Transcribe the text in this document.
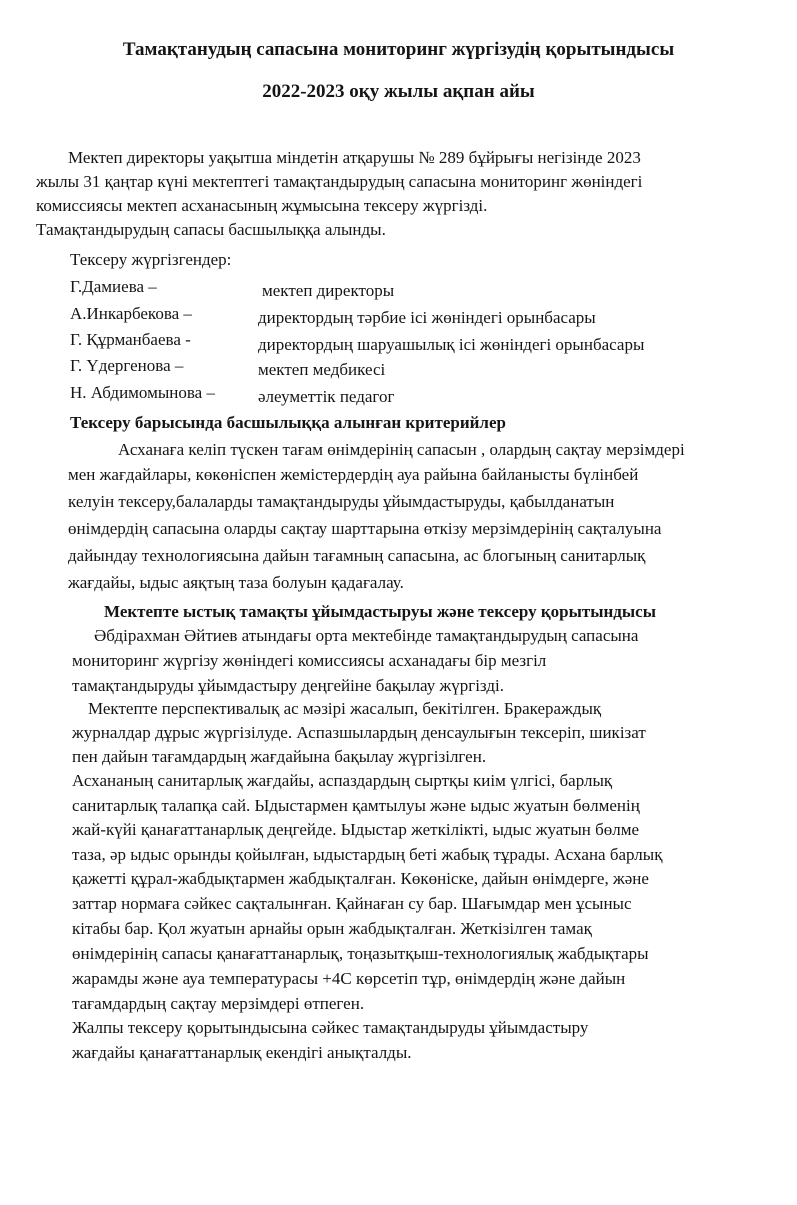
Тамақтанудың сапасына мониторинг жүргізудің қорытындысы
2022-2023 оқу жылы ақпан айы
Мектеп директоры уақытша міндетін атқарушы № 289 бұйрығы негізінде 2023
жылы 31 қаңтар күні мектептегі тамақтандырудың сапасына мониторинг жөніндегі
комиссиясы мектеп асханасының жұмысына тексеру жүргізді.
Тамақтандырудың сапасы басшылыққа алынды.
Тексеру жүргізгендер:
Г.Дамиева –	мектеп директоры
А.Инкарбекова –	директордың тәрбие ісі жөніндегі орынбасары
Г. Құрманбаева -	директордың шаруашылық ісі жөніндегі орынбасары
Г. Үдергенова –	мектеп медбикесі
Н. Абдимомынова –	әлеуметтік педагог
Тексеру барысында басшылыққа алынған критерийлер
Асханаға келіп түскен тағам өнімдерінің сапасын , олардың сақтау мерзімдері
мен жағдайлары, көкөніспен жемістердердің ауа райына байланысты бүлінбей
келуін тексеру,балаларды тамақтандыруды ұйымдастыруды, қабылданатын
өнімдердің сапасына оларды сақтау шарттарына өткізу мерзімдерінің сақталуына
дайындау технологиясына дайын тағамның сапасына, ас блогының санитарлық
жағдайы, ыдыс аяқтың таза болуын қадағалау.
Мектепте ыстық тамақты ұйымдастыруы және тексеру қорытындысы
Әбдірахман Әйтиев атындағы орта мектебінде тамақтандырудың сапасына
мониторинг жүргізу жөніндегі комиссиясы асханадағы бір мезгіл
тамақтандыруды ұйымдастыру деңгейіне бақылау жүргізді.
Мектепте перспективалық ас мәзірі жасалып, бекітілген. Бракераждық
журналдар дұрыс жүргізілуде. Аспазшылардың денсаулығын тексеріп, шикізат
пен дайын тағамдардың жағдайына бақылау жүргізілген.
Асхананың санитарлық жағдайы, аспаздардың сыртқы киім үлгісі, барлық
санитарлық талапқа сай. Ыдыстармен қамтылуы және ыдыс жуатын бөлменің
жай-күйі қанағаттанарлық деңгейде. Ыдыстар жеткілікті, ыдыс жуатын бөлме
таза, әр ыдыс орынды қойылған, ыдыстардың беті жабық тұрады. Асхана барлық
қажетті құрал-жабдықтармен жабдықталған. Көкөніске, дайын өнімдерге, және
заттар нормаға сәйкес сақталынған. Қайнаған су бар. Шағымдар мен ұсыныс
кітабы бар. Қол жуатын арнайы орын жабдықталған. Жеткізілген тамақ
өнімдерінің сапасы қанағаттанарлық, тоңазытқыш-технологиялық жабдықтары
жарамды және ауа температурасы +4С көрсетіп тұр, өнімдердің және дайын
тағамдардың сақтау мерзімдері өтпеген.
Жалпы тексеру қорытындысына сәйкес тамақтандыруды ұйымдастыру
жағдайы қанағаттанарлық екендігі анықталды.
